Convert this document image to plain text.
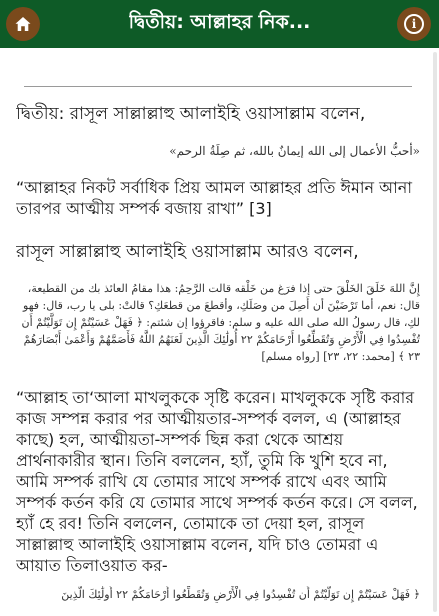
দ্বিতীয়: আল্লাহর নিক...	i

দ্বিতীয়: রাসূল সাল্লাল্লাহু আলাইহি ওয়াসাল্লাম বলেন,

«أحبُّ الأعمال إلى الله إيمانٌ بالله، ثم صِلَةُ الرحم»

“আল্লাহর নিকট সর্বাধিক প্রিয় আমল আল্লাহর প্রতি ঈমান আনা তারপর আত্মীয় সম্পর্ক বজায় রাখা” [3]

রাসূল সাল্লাল্লাহু আলাইহি ওয়াসাল্লাম আরও বলেন,

إِنَّ اللهَ خَلَقَ الخَلْقَ حتى إذا فرَغ من خَلْقه قالت الرَّحِمُ: هذا مقامُ العائذ بك من القطيعة، قال: نعم، أما تَرْضَيْنَ أن أَصِلَ من وصَلَكِ، وأقطعَ من قطعَكِ؟ قالتْ: بلى يا رب، قال: فهو لكِ، قال رسولُ الله صلى الله عليه و سلم: فاقرؤوا إن شئتم: ﴿ فَهَلْ عَسَيْتُمْ إِن تَوَلَّيْتُمْ أَن تُفْسِدُوا فِي الْأَرْضِ وَتُقَطِّعُوا أَرْحَامَكُمْ ٢٢ أُولَٰئِكَ الَّذِينَ لَعَنَهُمُ اللَّهُ فَأَصَمَّهُمْ وَأَعْمَىٰ أَبْصَارَهُمْ ٢٣ ﴾ [محمد: ٢٢، ٢٣] [رواه مسلم]

“আল্লাহ তা‘আলা মাখলুককে সৃষ্টি করেন। মাখলুককে সৃষ্টি করার কাজ সম্পন্ন করার পর আত্মীয়তার-সম্পর্ক বলল, এ (আল্লাহর কাছে) হল, আত্মীয়তা-সম্পর্ক ছিন্ন করা থেকে আশ্রয় প্রার্থনাকারীর স্থান। তিনি বললেন, হ্যাঁ, তুমি কি খুশি হবে না, আমি সম্পর্ক রাখি যে তোমার সাথে সম্পর্ক রাখে এবং আমি সম্পর্ক কর্তন করি যে তোমার সাথে সম্পর্ক কর্তন করে। সে বলল, হ্যাঁ হে রব! তিনি বললেন, তোমাকে তা দেয়া হল, রাসূল সাল্লাল্লাহু আলাইহি ওয়াসাল্লাম বলেন, যদি চাও তোমরা এ আয়াত তিলাওয়াত কর-

﴿ فَهَلْ عَسَيْتُمْ إِن تَوَلَّيْتُمْ أَن تُفْسِدُوا فِي الْأَرْضِ وَتُقَطِّعُوا أَرْحَامَكُمْ ٢٢ أُولَٰئِكَ الَّذِينَ
